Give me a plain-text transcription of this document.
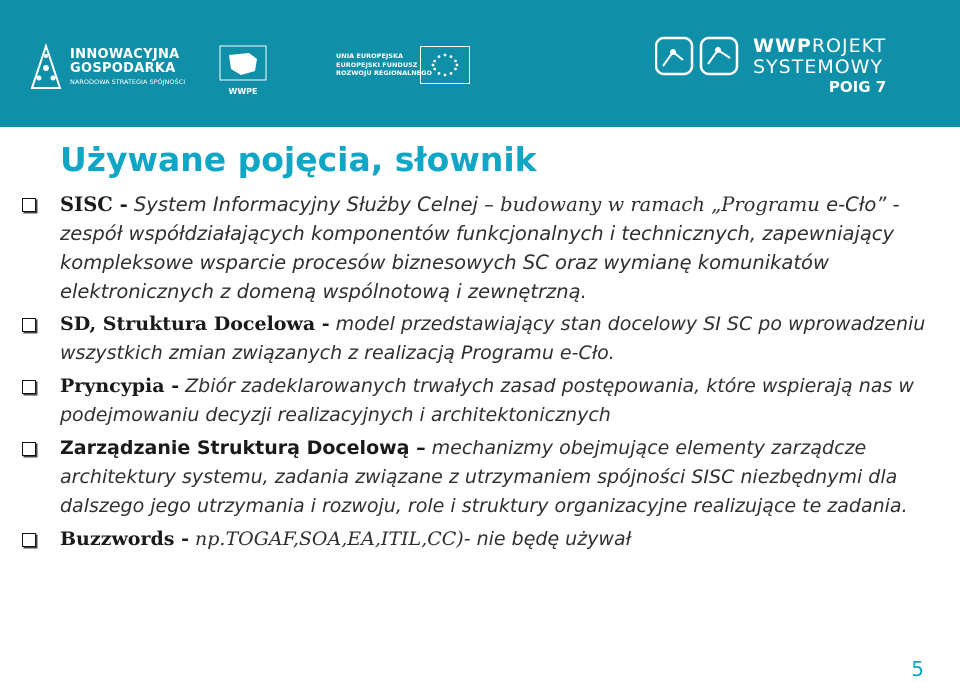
INNOWACYJNA
GOSPODARKA
NARODOWA STRATEGIA SPÓJNOŚCI
WWPE
UNIA EUROPEJSKA
EUROPEJSKI FUNDUSZ
ROZWOJU REGIONALNEGO
WWPROJEKT
SYSTEMOWY
POIG 7
Używane pojęcia, słownik
SISC - System Informacyjny Służby Celnej – budowany w ramach „Programu e-Cło” - zespół współdziałających komponentów funkcjonalnych i technicznych, zapewniający kompleksowe wsparcie procesów biznesowych SC oraz wymianę komunikatów elektronicznych z domeną wspólnotową i zewnętrzną.
SD, Struktura Docelowa - model przedstawiający stan docelowy SI SC po wprowadzeniu wszystkich zmian związanych z realizacją Programu e-Cło.
Pryncypia - Zbiór zadeklarowanych trwałych zasad postępowania, które wspierają nas w podejmowaniu decyzji realizacyjnych i architektonicznych
Zarządzanie Strukturą Docelową – mechanizmy obejmujące elementy zarządcze architektury systemu, zadania związane z utrzymaniem spójności SISC niezbędnymi dla dalszego jego utrzymania i rozwoju, role i struktury organizacyjne realizujące te zadania.
Buzzwords - np.TOGAF,SOA,EA,ITIL,CC)- nie będę używał
5
